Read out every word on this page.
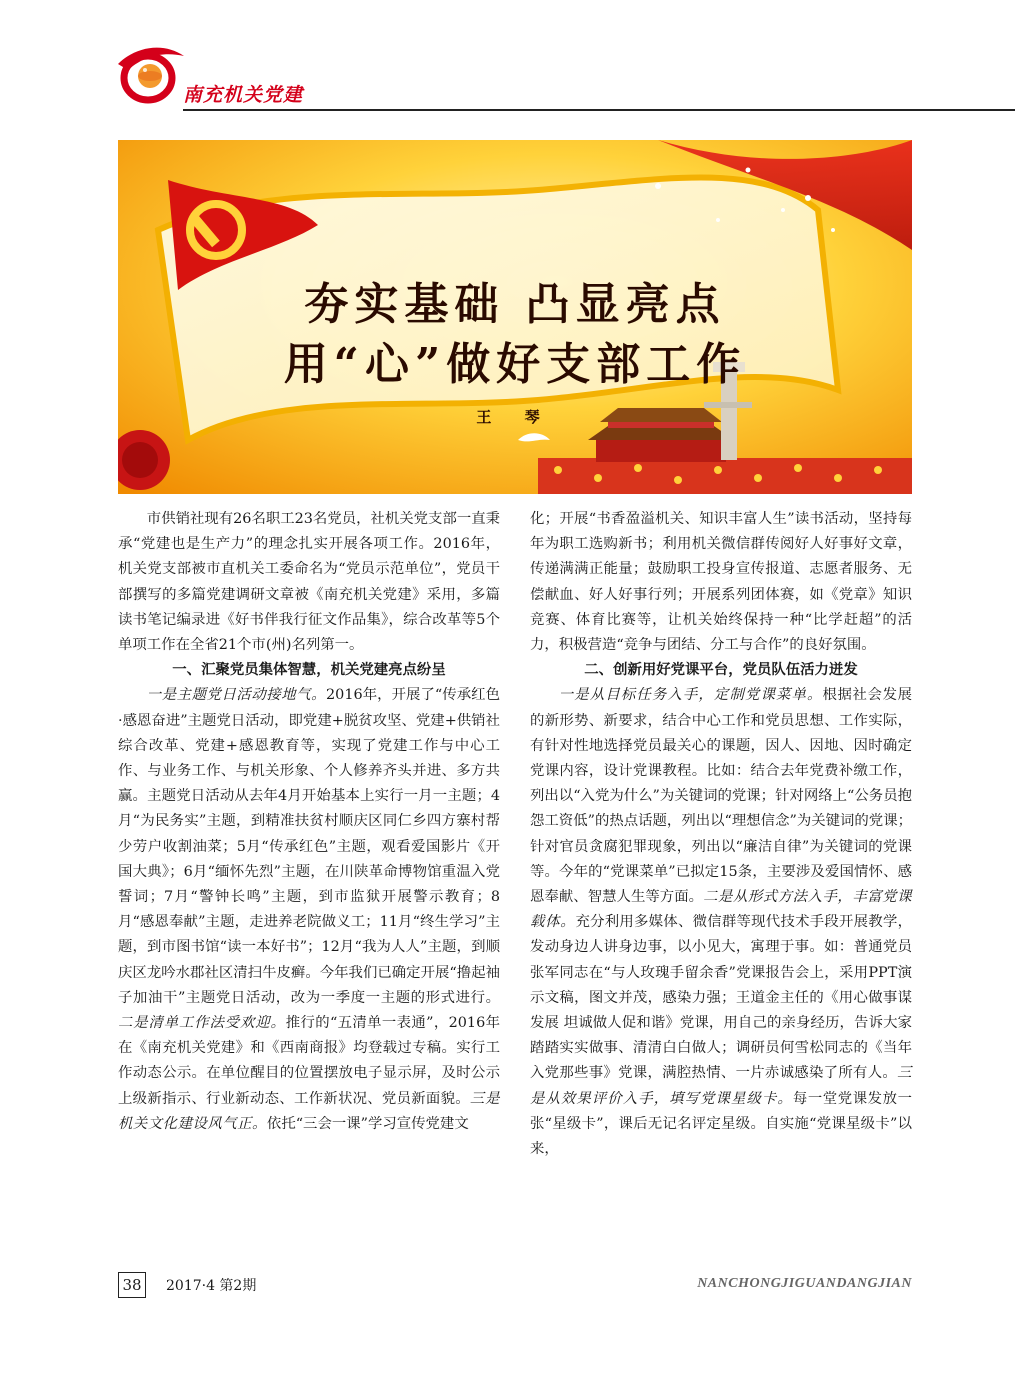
南充机关党建
夯实基础 凸显亮点
用“心”做好支部工作
王 琴

市供销社现有26名职工23名党员，社机关党支部一直秉承“党建也是生产力”的理念扎实开展各项工作。2016年，机关党支部被市直机关工委命名为“党员示范单位”，党员干部撰写的多篇党建调研文章被《南充机关党建》采用，多篇读书笔记编录进《好书伴我行征文作品集》，综合改革等5个单项工作在全省21个市(州)名列第一。

一、汇聚党员集体智慧，机关党建亮点纷呈

一是主题党日活动接地气。2016年，开展了“传承红色·感恩奋进”主题党日活动，即党建+脱贫攻坚、党建+供销社综合改革、党建+感恩教育等，实现了党建工作与中心工作、与业务工作、与机关形象、个人修养齐头并进、多方共赢。主题党日活动从去年4月开始基本上实行一月一主题；4月“为民务实”主题，到精准扶贫村顺庆区同仁乡四方寨村帮少劳户收割油菜；5月“传承红色”主题，观看爱国影片《开国大典》；6月“缅怀先烈”主题，在川陕革命博物馆重温入党誓词；7月“警钟长鸣”主题，到市监狱开展警示教育；8月“感恩奉献”主题，走进养老院做义工；11月“终生学习”主题，到市图书馆“读一本好书”；12月“我为人人”主题，到顺庆区龙吟水郡社区清扫牛皮癣。今年我们已确定开展“撸起袖子加油干”主题党日活动，改为一季度一主题的形式进行。二是清单工作法受欢迎。推行的“五清单一表通”，2016年在《南充机关党建》和《西南商报》均登载过专稿。实行工作动态公示。在单位醒目的位置摆放电子显示屏，及时公示上级新指示、行业新动态、工作新状况、党员新面貌。三是机关文化建设风气正。依托“三会一课”学习宣传党建文

化；开展“书香盈溢机关、知识丰富人生”读书活动，坚持每年为职工选购新书；利用机关微信群传阅好人好事好文章，传递满满正能量；鼓励职工投身宣传报道、志愿者服务、无偿献血、好人好事行列；开展系列团体赛，如《党章》知识竞赛、体育比赛等，让机关始终保持一种“比学赶超”的活力，积极营造“竞争与团结、分工与合作”的良好氛围。

二、创新用好党课平台，党员队伍活力迸发

一是从目标任务入手，定制党课菜单。根据社会发展的新形势、新要求，结合中心工作和党员思想、工作实际，有针对性地选择党员最关心的课题，因人、因地、因时确定党课内容，设计党课教程。比如：结合去年党费补缴工作，列出以“入党为什么”为关键词的党课；针对网络上“公务员抱怨工资低”的热点话题，列出以“理想信念”为关键词的党课；针对官员贪腐犯罪现象，列出以“廉洁自律”为关键词的党课等。今年的“党课菜单”已拟定15条，主要涉及爱国情怀、感恩奉献、智慧人生等方面。二是从形式方法入手，丰富党课载体。充分利用多媒体、微信群等现代技术手段开展教学，发动身边人讲身边事，以小见大，寓理于事。如：普通党员张军同志在“与人玫瑰手留余香”党课报告会上，采用PPT演示文稿，图文并茂，感染力强；王道金主任的《用心做事谋发展 坦诚做人促和谐》党课，用自己的亲身经历，告诉大家踏踏实实做事、清清白白做人；调研员何雪松同志的《当年入党那些事》党课，满腔热情、一片赤诚感染了所有人。三是从效果评价入手，填写党课星级卡。每一堂党课发放一张“星级卡”，课后无记名评定星级。自实施“党课星级卡”以来，

38	2017·4 第2期	NANCHONGJIGUANDANGJIAN
